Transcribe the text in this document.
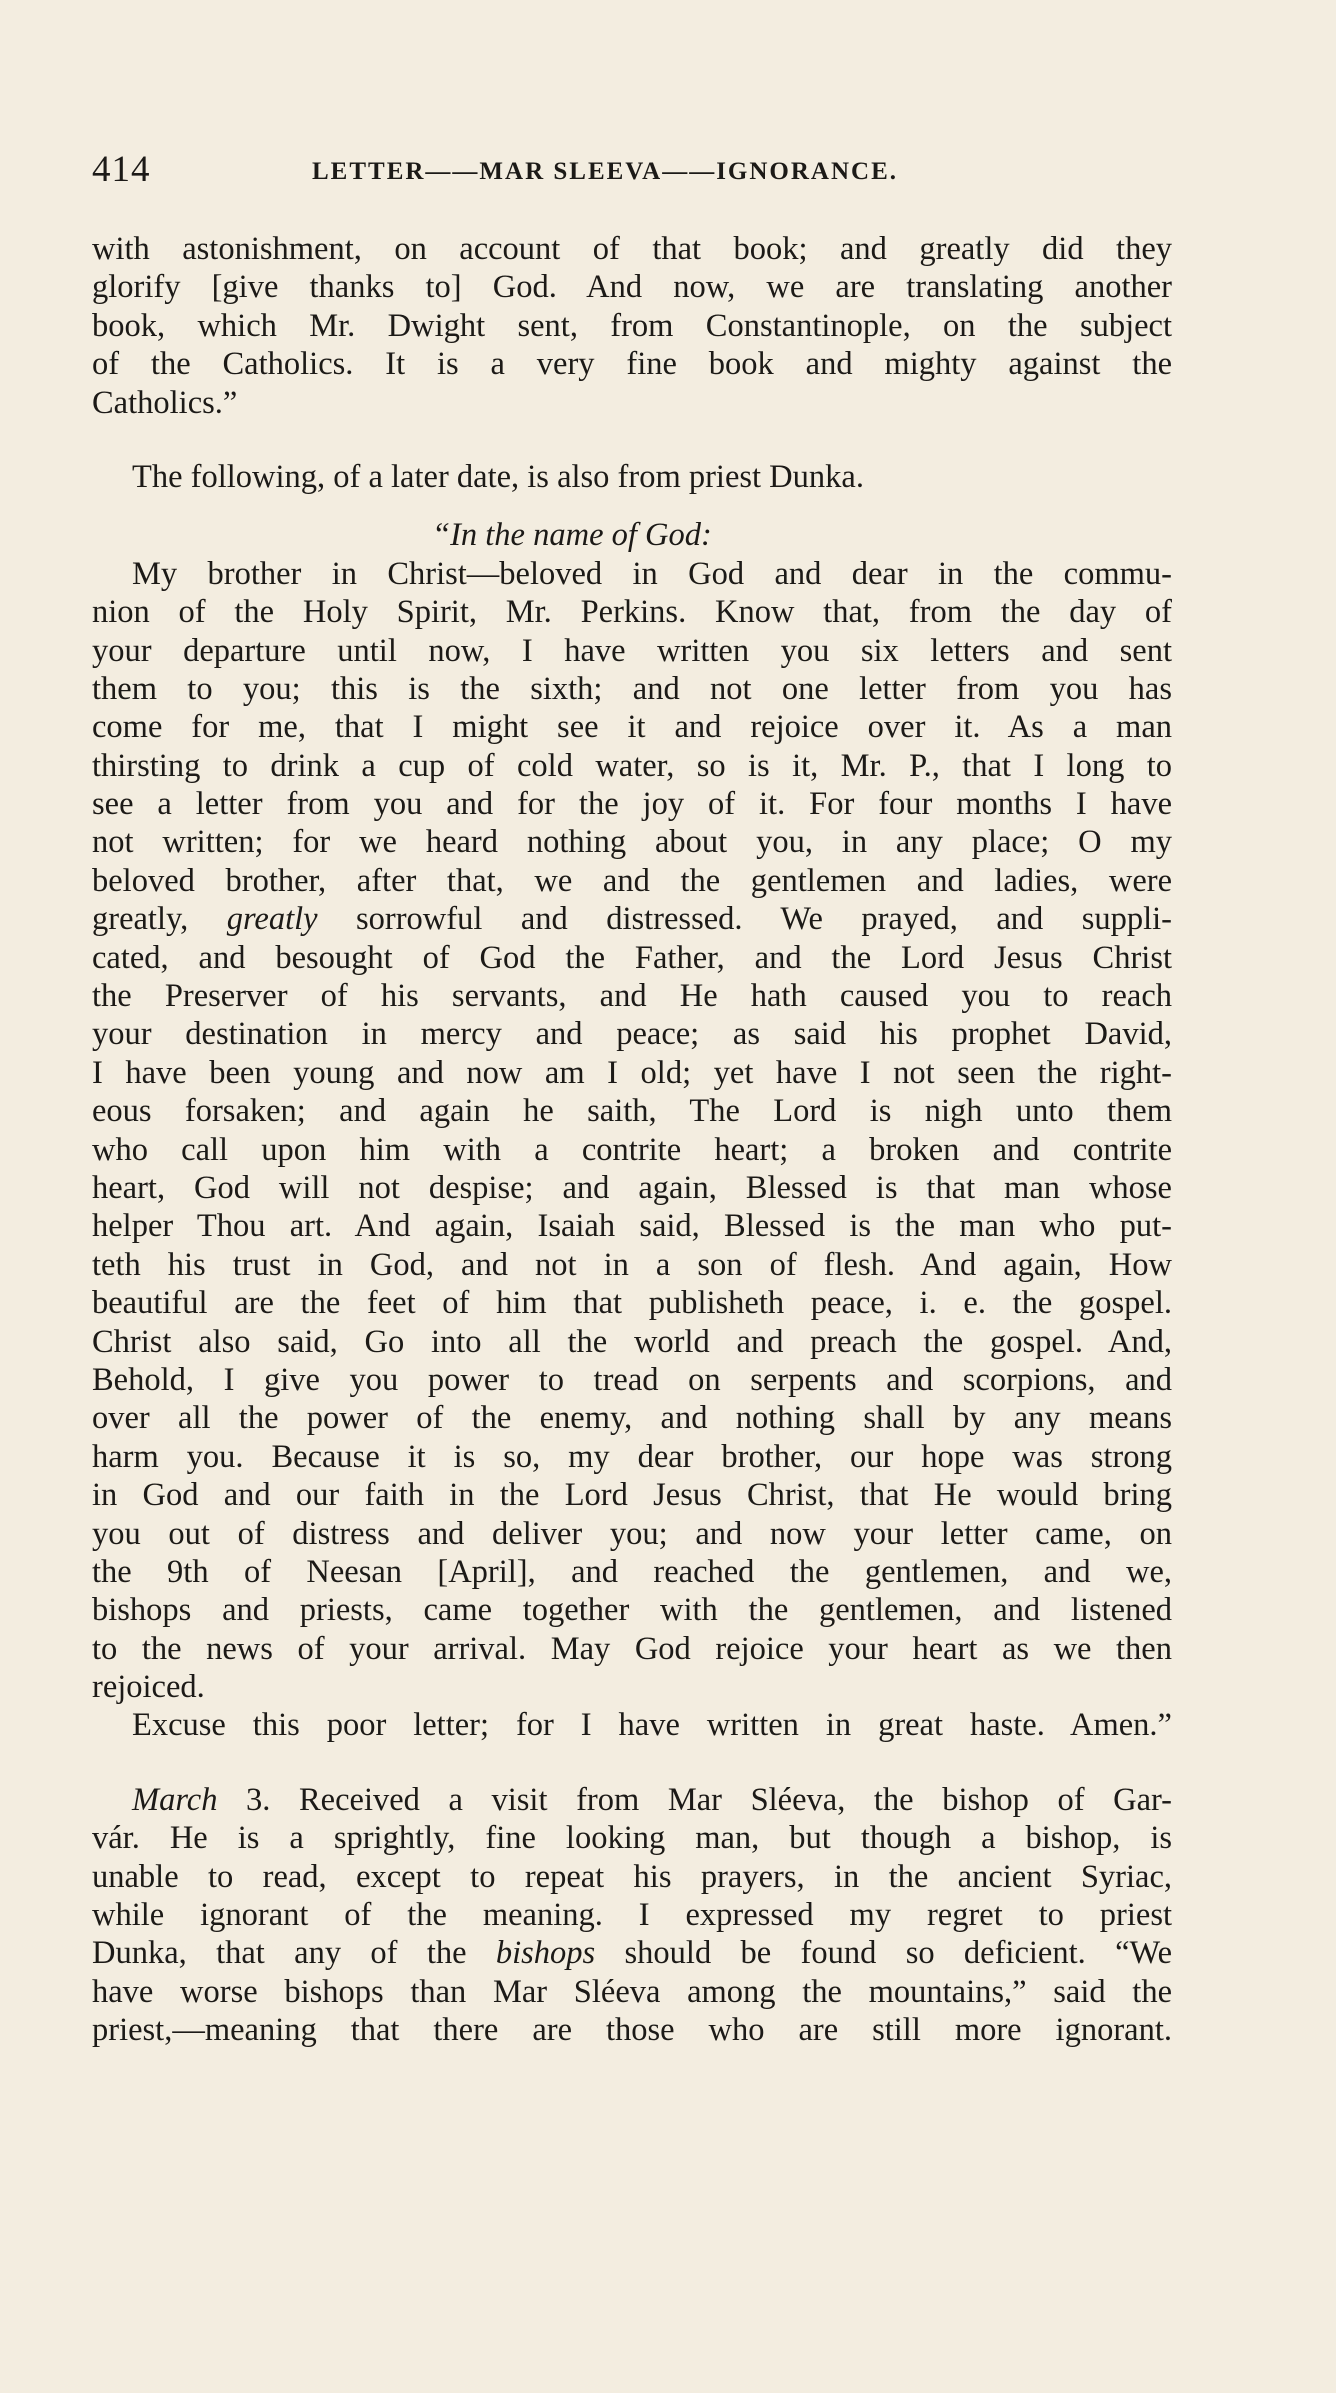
414	LETTER——MAR SLEEVA——IGNORANCE.
with astonishment, on account of that book; and greatly did they
glorify [give thanks to] God. And now, we are translating another
book, which Mr. Dwight sent, from Constantinople, on the subject
of the Catholics. It is a very fine book and mighty against the
Catholics.”
The following, of a later date, is also from priest Dunka.
“In the name of God:
My brother in Christ—beloved in God and dear in the commu-
nion of the Holy Spirit, Mr. Perkins. Know that, from the day of
your departure until now, I have written you six letters and sent
them to you; this is the sixth; and not one letter from you has
come for me, that I might see it and rejoice over it. As a man
thirsting to drink a cup of cold water, so is it, Mr. P., that I long to
see a letter from you and for the joy of it. For four months I have
not written; for we heard nothing about you, in any place; O my
beloved brother, after that, we and the gentlemen and ladies, were
greatly, greatly sorrowful and distressed. We prayed, and suppli-
cated, and besought of God the Father, and the Lord Jesus Christ
the Preserver of his servants, and He hath caused you to reach
your destination in mercy and peace; as said his prophet David,
I have been young and now am I old; yet have I not seen the right-
eous forsaken; and again he saith, The Lord is nigh unto them
who call upon him with a contrite heart; a broken and contrite
heart, God will not despise; and again, Blessed is that man whose
helper Thou art. And again, Isaiah said, Blessed is the man who put-
teth his trust in God, and not in a son of flesh. And again, How
beautiful are the feet of him that publisheth peace, i. e. the gospel.
Christ also said, Go into all the world and preach the gospel. And,
Behold, I give you power to tread on serpents and scorpions, and
over all the power of the enemy, and nothing shall by any means
harm you. Because it is so, my dear brother, our hope was strong
in God and our faith in the Lord Jesus Christ, that He would bring
you out of distress and deliver you; and now your letter came, on
the 9th of Neesan [April], and reached the gentlemen, and we,
bishops and priests, came together with the gentlemen, and listened
to the news of your arrival. May God rejoice your heart as we then
rejoiced.
Excuse this poor letter; for I have written in great haste. Amen.”
March 3. Received a visit from Mar Sléeva, the bishop of Gar-
vár. He is a sprightly, fine looking man, but though a bishop, is
unable to read, except to repeat his prayers, in the ancient Syriac,
while ignorant of the meaning. I expressed my regret to priest
Dunka, that any of the bishops should be found so deficient. “We
have worse bishops than Mar Sléeva among the mountains,” said the
priest,—meaning that there are those who are still more ignorant.
